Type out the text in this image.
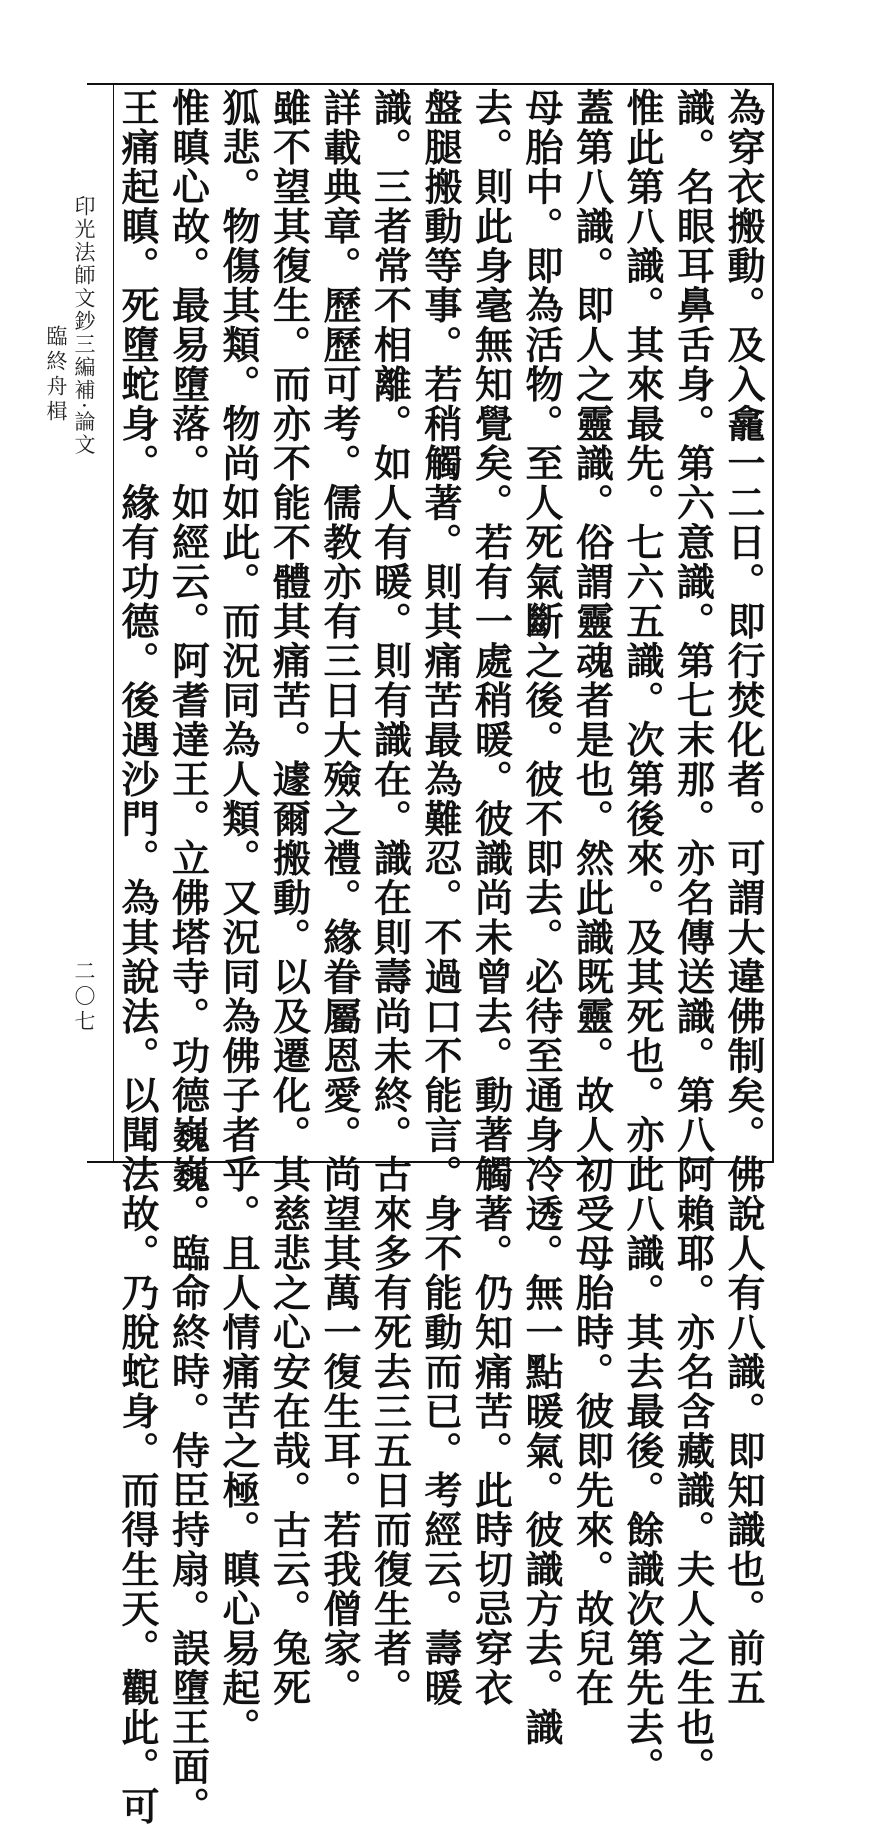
印光法師文鈔三編補·論文
臨終舟楫
二〇七	為穿衣搬動。及入龕一二日。即行焚化者。可謂大違佛制矣。佛說人有八識。即知識也。前五
識。名眼耳鼻舌身。第六意識。第七末那。亦名傳送識。第八阿賴耶。亦名含藏識。夫人之生也。
惟此第八識。其來最先。七六五識。次第後來。及其死也。亦此八識。其去最後。餘識次第先去。
蓋第八識。即人之靈識。俗謂靈魂者是也。然此識既靈。故人初受母胎時。彼即先來。故兒在
母胎中。即為活物。至人死氣斷之後。彼不即去。必待至通身冷透。無一點暖氣。彼識方去。識
去。則此身毫無知覺矣。若有一處稍暖。彼識尚未曾去。動著觸著。仍知痛苦。此時切忌穿衣
盤腿搬動等事。若稍觸著。則其痛苦最為難忍。不過口不能言。身不能動而已。考經云。壽暖
識。三者常不相離。如人有暖。則有識在。識在則壽尚未終。古來多有死去三五日而復生者。
詳載典章。歷歷可考。儒教亦有三日大殮之禮。緣眷屬恩愛。尚望其萬一復生耳。若我僧家。
雖不望其復生。而亦不能不體其痛苦。遽爾搬動。以及遷化。其慈悲之心安在哉。古云。兔死
狐悲。物傷其類。物尚如此。而況同為人類。又況同為佛子者乎。且人情痛苦之極。瞋心易起。
惟瞋心故。最易墮落。如經云。阿耆達王。立佛塔寺。功德巍巍。臨命終時。侍臣持扇。誤墮王面。
王痛起瞋。死墮蛇身。緣有功德。後遇沙門。為其說法。以聞法故。乃脫蛇身。而得生天。觀此。可
